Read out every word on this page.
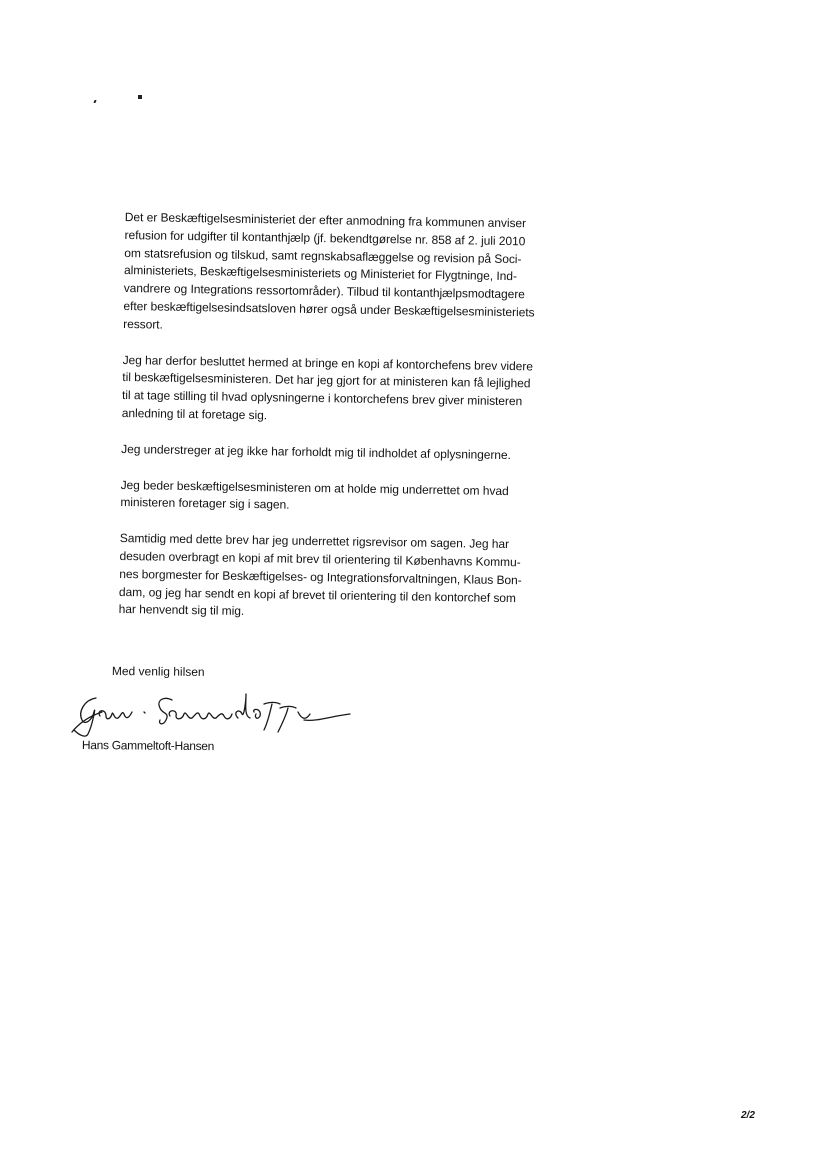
Det er Beskæftigelsesministeriet der efter anmodning fra kommunen anviser
refusion for udgifter til kontanthjælp (jf. bekendtgørelse nr. 858 af 2. juli 2010
om statsrefusion og tilskud, samt regnskabsaflæggelse og revision på Soci-
alministeriets, Beskæftigelsesministeriets og Ministeriet for Flygtninge, Ind-
vandrere og Integrations ressortområder). Tilbud til kontanthjælpsmodtagere
efter beskæftigelsesindsatsloven hører også under Beskæftigelsesministeriets
ressort.

Jeg har derfor besluttet hermed at bringe en kopi af kontorchefens brev videre
til beskæftigelsesministeren. Det har jeg gjort for at ministeren kan få lejlighed
til at tage stilling til hvad oplysningerne i kontorchefens brev giver ministeren
anledning til at foretage sig.

Jeg understreger at jeg ikke har forholdt mig til indholdet af oplysningerne.

Jeg beder beskæftigelsesministeren om at holde mig underrettet om hvad
ministeren foretager sig i sagen.

Samtidig med dette brev har jeg underrettet rigsrevisor om sagen. Jeg har
desuden overbragt en kopi af mit brev til orientering til Københavns Kommu-
nes borgmester for Beskæftigelses- og Integrationsforvaltningen, Klaus Bon-
dam, og jeg har sendt en kopi af brevet til orientering til den kontorchef som
har henvendt sig til mig.

Med venlig hilsen
Hans Gammeltoft-Hansen
2/2
